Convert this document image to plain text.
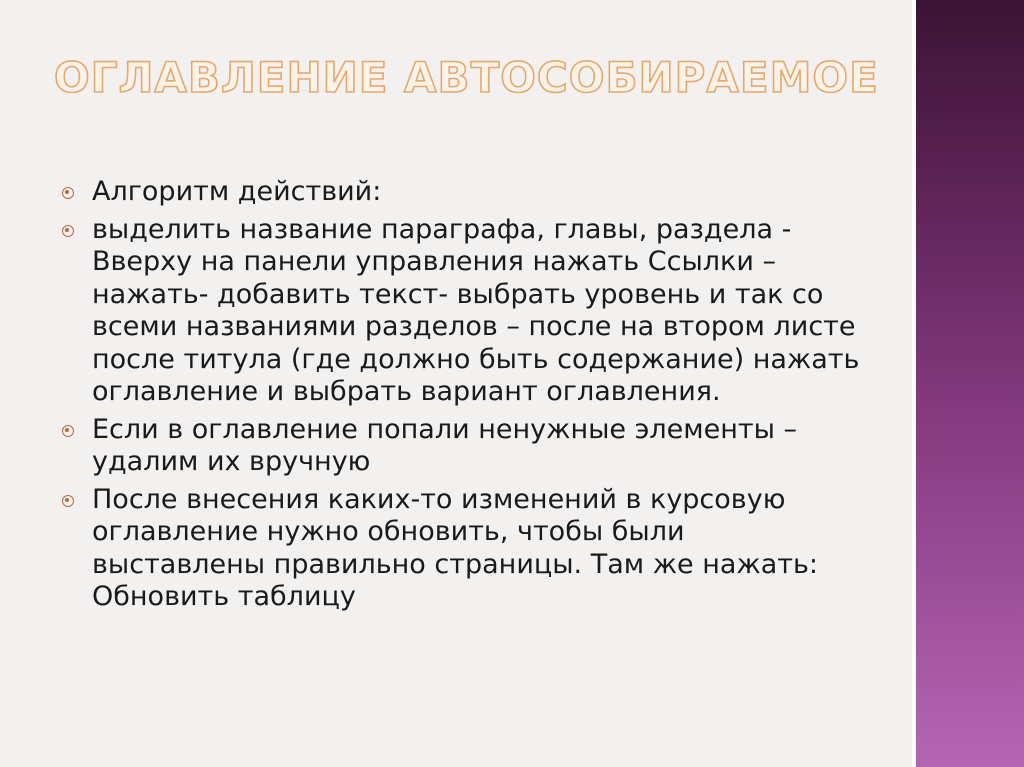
ОГЛАВЛЕНИЕ АВТОСОБИРАЕМОЕ
Алгоритм действий:
выделить название параграфа, главы, раздела - Вверху на панели управления нажать Ссылки – нажать- добавить текст- выбрать уровень и так со всеми названиями разделов – после на втором листе после титула (где должно быть содержание) нажать оглавление и выбрать вариант оглавления.
Если в оглавление попали ненужные элементы – удалим их вручную
После внесения каких-то изменений в курсовую оглавление нужно обновить, чтобы были выставлены правильно страницы. Там же нажать: Обновить таблицу
